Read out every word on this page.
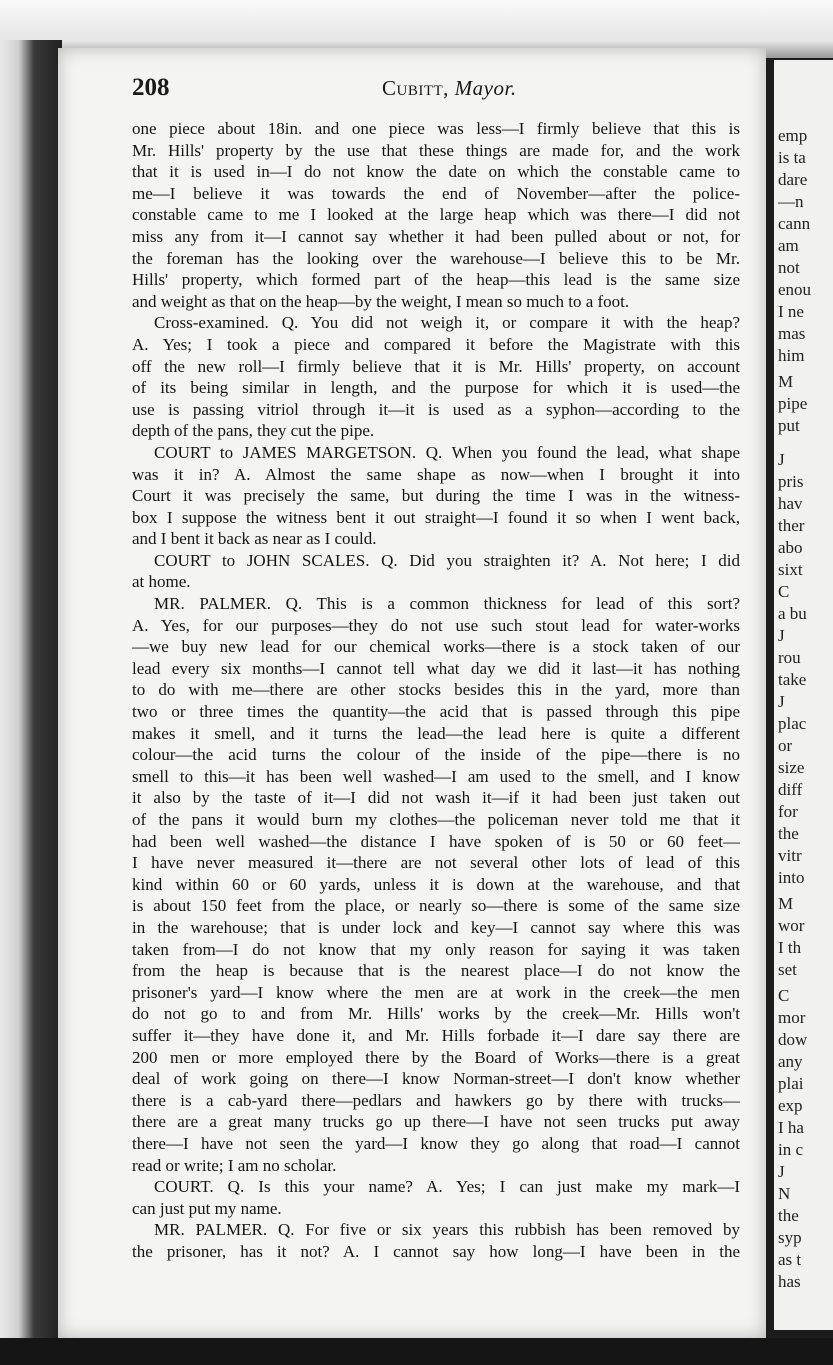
emp
is ta
dare
—n
cann
am
not
enou
I ne
mas
him
M
pipe
put
J
pris
hav
ther
abo
sixt
C
a bu
J
rou
take
J
plac
or
size
diff
for
the
vitr
into
M
wor
I th
set
C
mor
dow
any
plai
exp
I ha
in c
J
N
the
syp
as t
has
208	Cubitt, Mayor.
one piece about 18in. and one piece was less—I firmly believe that this is
Mr. Hills' property by the use that these things are made for, and the work
that it is used in—I do not know the date on which the constable came to
me—I believe it was towards the end of November—after the police-
constable came to me I looked at the large heap which was there—I did not
miss any from it—I cannot say whether it had been pulled about or not, for
the foreman has the looking over the warehouse—I believe this to be Mr.
Hills' property, which formed part of the heap—this lead is the same size
and weight as that on the heap—by the weight, I mean so much to a foot.
Cross-examined. Q. You did not weigh it, or compare it with the heap?
A. Yes; I took a piece and compared it before the Magistrate with this
off the new roll—I firmly believe that it is Mr. Hills' property, on account
of its being similar in length, and the purpose for which it is used—the
use is passing vitriol through it—it is used as a syphon—according to the
depth of the pans, they cut the pipe.
COURT to JAMES MARGETSON. Q. When you found the lead, what shape
was it in? A. Almost the same shape as now—when I brought it into
Court it was precisely the same, but during the time I was in the witness-
box I suppose the witness bent it out straight—I found it so when I went back,
and I bent it back as near as I could.
COURT to JOHN SCALES. Q. Did you straighten it? A. Not here; I did
at home.
MR. PALMER. Q. This is a common thickness for lead of this sort?
A. Yes, for our purposes—they do not use such stout lead for water-works
—we buy new lead for our chemical works—there is a stock taken of our
lead every six months—I cannot tell what day we did it last—it has nothing
to do with me—there are other stocks besides this in the yard, more than
two or three times the quantity—the acid that is passed through this pipe
makes it smell, and it turns the lead—the lead here is quite a different
colour—the acid turns the colour of the inside of the pipe—there is no
smell to this—it has been well washed—I am used to the smell, and I know
it also by the taste of it—I did not wash it—if it had been just taken out
of the pans it would burn my clothes—the policeman never told me that it
had been well washed—the distance I have spoken of is 50 or 60 feet—
I have never measured it—there are not several other lots of lead of this
kind within 60 or 60 yards, unless it is down at the warehouse, and that
is about 150 feet from the place, or nearly so—there is some of the same size
in the warehouse; that is under lock and key—I cannot say where this was
taken from—I do not know that my only reason for saying it was taken
from the heap is because that is the nearest place—I do not know the
prisoner's yard—I know where the men are at work in the creek—the men
do not go to and from Mr. Hills' works by the creek—Mr. Hills won't
suffer it—they have done it, and Mr. Hills forbade it—I dare say there are
200 men or more employed there by the Board of Works—there is a great
deal of work going on there—I know Norman-street—I don't know whether
there is a cab-yard there—pedlars and hawkers go by there with trucks—
there are a great many trucks go up there—I have not seen trucks put away
there—I have not seen the yard—I know they go along that road—I cannot
read or write; I am no scholar.
COURT. Q. Is this your name? A. Yes; I can just make my mark—I
can just put my name.
MR. PALMER. Q. For five or six years this rubbish has been removed by
the prisoner, has it not? A. I cannot say how long—I have been in the
